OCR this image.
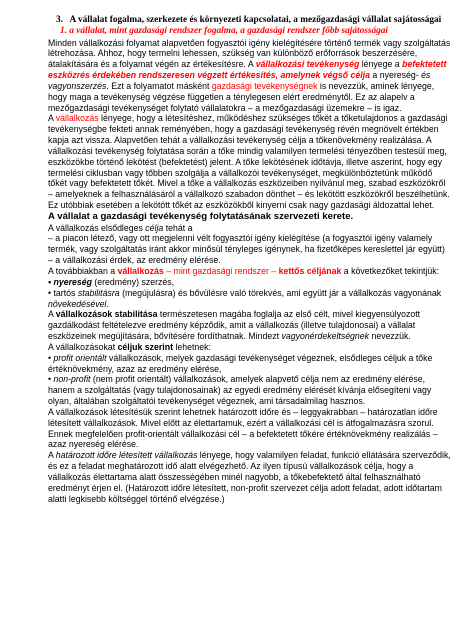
3. A vállalat fogalma, szerkezete és környezeti kapcsolatai, a mezőgazdasági vállalat sajátosságai
1. a vállalat, mint gazdasági rendszer fogalma, a gazdasági rendszer főbb sajátosságai

Minden vállalkozási folyamat alapvetően fogyasztói igény kielégítésére történő termék vagy szolgáltatás létrehozása. Ahhoz, hogy termelni lehessen, szükség van különböző erőforrások beszerzésére, átalakítására és a folyamat végén az értékesítésre. A vállalkozási tevékenység lényege a befektetett eszközrés érdekében rendszeresen végzett értékesítés, amelynek végső célja a nyereség- és vagyonszerzés. Ezt a folyamatot másként gazdasági tevékenységnek is nevezzük, aminek lényege, hogy maga a tevékenység végzése független a ténylegesen elért eredménytől. Ez az alapelv a mezőgazdasági tevékenységet folytató vállalatokra – a mezőgazdasági üzemekre – is igaz.

A vállalkozás lényege, hogy a létesítéshez, működéshez szükséges tőkét a tőketulajdonos a gazdasági tevékenységbe fekteti annak reményében, hogy a gazdasági tevékenység révén megnövelt értékben kapja azt vissza. Alapvetően tehát a vállalkozási tevékenység célja a tőkenövekmény realizálása. A vállalkozási tevékenység folytatása során a tőke mindig valamilyen termelési tényezőben testesül meg, eszközökbe történő lekötést (befektetést) jelent. A tőke lekötésének időtávja, illetve aszerint, hogy egy termelési ciklusban vagy tőbben szolgálja a vállalkozói tevékenységet, megkülönböztetünk működő tőkét vagy befektetett tőkét. Mivel a tőke a vállalkozás eszközeiben nyilvánul meg, szabad eszközökről – amelyeknek a felhasználásáról a vállalkozó szabadon dönthet – és lekötött eszközökről beszélhetünk. Ez utóbbiak esetében a lekötött tőkét az eszközökből kinyerni csak nagy gazdasági áldozattal lehet.

A vállalat a gazdasági tevékenység folytatásának szervezeti kerete.

A vállalkozás elsődleges célja tehát a
– a piacon létező, vagy ott megjelenni vélt fogyasztói igény kielégítése (a fogyasztói igény valamely termék, vagy szolgáltatás iránt akkor minősül tényleges igénynek, ha fizetőképes kereslettel jár együtt)
– a vállalkozási érdek, az eredmény elérése.

A továbbiakban a vállalkozás – mint gazdasági rendszer – kettős céljának a következőket tekintjük:
• nyereség (eredmény) szerzés,
• tartós stabilitásra (megújulásra) és bővülésre való törekvés, ami együtt jár a vállalkozás vagyonának növekedésével.

A vállalkozások stabilitása természetesen magába foglalja az első célt, mivel kiegyensúlyozott gazdálkodást feltételezve eredmény képződik, amit a vállalkozás (illetve tulajdonosai) a vállalat eszközeinek megújítására, bővítésére fordíthatnak. Mindezt vagyonérdekeltségnek nevezzük.

A vállalkozásokat céljuk szerint lehetnek:
• profit orientált vállalkozások, melyek gazdasági tevékenységet végeznek, elsődleges céljuk a tőke értéknövekmény, azaz az eredmény elérése,
• non-profit (nem profit orientált) vállalkozások, amelyek alapvető célja nem az eredmény elérése, hanem a szolgáltatás (vagy tulajdonosainak) az egyedi eredmény elérését kívánja elősegíteni vagy olyan, általában szolgáltatói tevékenységet végeznek, ami társadalmilag hasznos.

A vállalkozások létesítésük szerint lehetnek határozott időre és – leggyakrabban – határozatlan időre létesített vállalkozások. Mivel előtt az élettartamuk, ezért a vállalkozási cél is átfogalmazásra szorul. Ennek megfelelően profit-orientált vállalkozási cél – a befektetett tőkére értéknövekmény realizálás – azaz nyereség elérése.
A határozott időre létesített vállalkozás lényege, hogy valamilyen feladat, funkció ellátására szerveződik, és ez a feladat meghatározott idő alatt elvégezhető. Az ilyen típusú vállalkozások célja, hogy a vállalkozás élettartama alatt összességében minél nagyobb, a tőkebefektető által felhasználható eredményt érjen el. (Határozott időre létesített, non-profit szervezet célja adott feladat, adott időtartam alatti legkisebb költséggel történő elvégzése.)
